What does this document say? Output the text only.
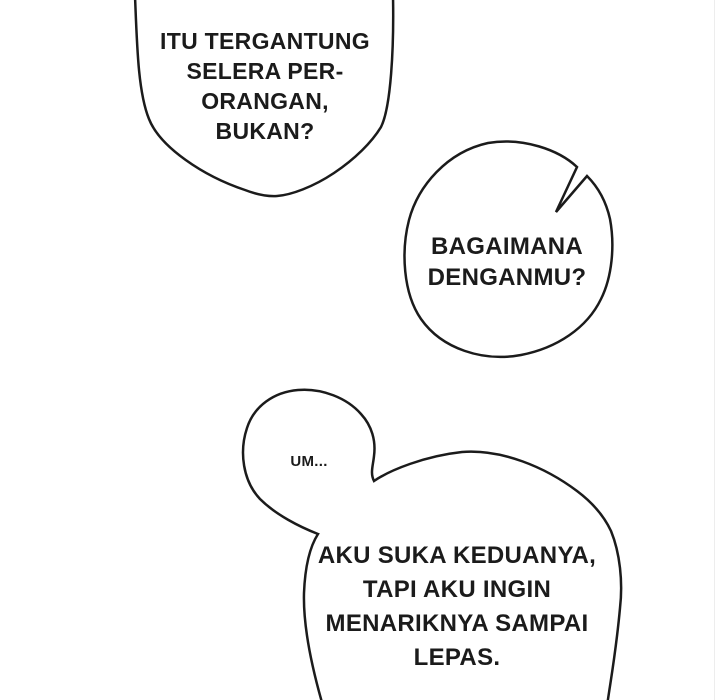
ITU TERGANTUNG
SELERA PER-
ORANGAN,
BUKAN?
BAGAIMANA
DENGANMU?
UM...
AKU SUKA KEDUANYA,
TAPI AKU INGIN
MENARIKNYA SAMPAI
LEPAS.
